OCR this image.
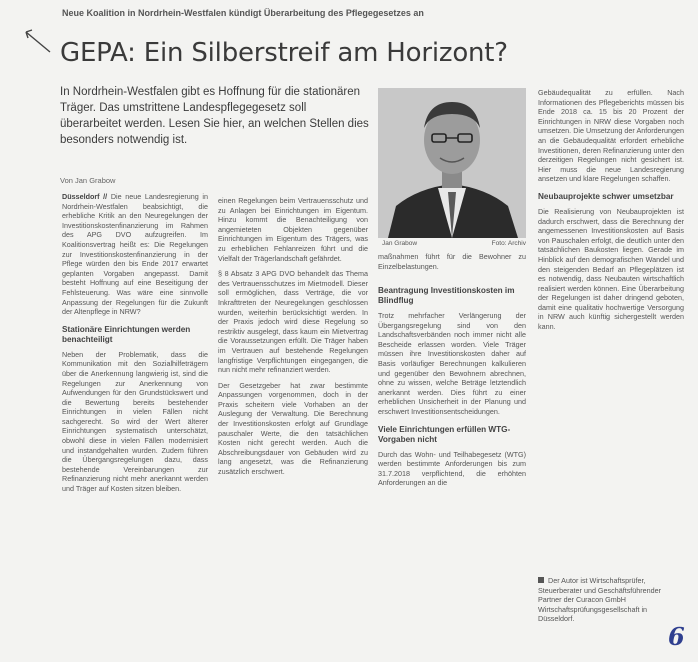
Neue Koalition in Nordrhein-Westfalen kündigt Überarbeitung des Pflegegesetzes an
GEPA: Ein Silberstreif am Horizont?
In Nordrhein-Westfalen gibt es Hoffnung für die stationären Träger. Das umstrittene Landespflegegesetz soll überarbeitet werden. Lesen Sie hier, an welchen Stellen dies besonders notwendig ist.
Von Jan Grabow

Düsseldorf // Die neue Landesregierung in Nordrhein-Westfalen beabsichtigt, die erhebliche Kritik an den Neuregelungen der Investitionskostenfinanzierung im Rahmen des APG DVO aufzugreifen. Im Koalitionsvertrag heißt es: Die Regelungen zur Investitionskostenfinanzierung in der Pflege würden den bis Ende 2017 erwartet geplanten Vorgaben angepasst. Damit besteht Hoffnung auf eine Beseitigung der Fehlsteuerung. Was wäre eine sinnvolle Anpassung der Regelungen für die Zukunft der Altenpflege in NRW?

Stationäre Einrichtungen werden benachteiligt

Neben der Problematik, dass die Kommunikation mit den Sozialhilfeträgern über die Anerkennung langwierig ist, sind die Regelungen zur Anerkennung von Aufwendungen für den Grundstückswert und die Bewertung bereits bestehender Einrichtungen in vielen Fällen nicht sachgerecht. So wird der Wert älterer Einrichtungen systematisch unterschätzt, obwohl diese in vielen Fällen modernisiert und instandgehalten wurden. Zudem führen die Übergangsregelungen dazu, dass bestehende Vereinbarungen zur Refinanzierung nicht mehr anerkannt werden und Träger auf Kosten sitzen bleiben.

einen Regelungen beim Vertrauensschutz und zu Anlagen bei Einrichtungen im Eigentum. Hinzu kommt die Benachteiligung von angemieteten Objekten gegenüber Einrichtungen im Eigentum des Trägers, was zu erheblichen Fehlanreizen führt und die Vielfalt der Trägerlandschaft gefährdet.

§ 8 Absatz 3 APG DVO behandelt das Thema des Vertrauensschutzes im Mietmodell. Dieser soll ermöglichen, dass Verträge, die vor Inkrafttreten der Neuregelungen geschlossen wurden, weiterhin berücksichtigt werden. In der Praxis jedoch wird diese Regelung so restriktiv ausgelegt, dass kaum ein Mietvertrag die Voraussetzungen erfüllt. Die Träger haben im Vertrauen auf bestehende Regelungen langfristige Verpflichtungen eingegangen, die nun nicht mehr refinanziert werden.

Der Gesetzgeber hat zwar bestimmte Anpassungen vorgenommen, doch in der Praxis scheitern viele Vorhaben an der Auslegung der Verwaltung. Die Berechnung der Investitionskosten erfolgt auf Grundlage pauschaler Werte, die den tatsächlichen Kosten nicht gerecht werden. Auch die Abschreibungsdauer von Gebäuden wird zu lang angesetzt, was die Refinanzierung zusätzlich erschwert.

Jan Grabow	Foto: Archiv

maßnahmen führt für die Bewohner zu Einzelbelastungen.

Beantragung Investitionskosten im Blindflug

Trotz mehrfacher Verlängerung der Übergangsregelung sind von den Landschaftsverbänden noch immer nicht alle Bescheide erlassen worden. Viele Träger müssen ihre Investitionskosten daher auf Basis vorläufiger Berechnungen kalkulieren und gegenüber den Bewohnern abrechnen, ohne zu wissen, welche Beträge letztendlich anerkannt werden. Dies führt zu einer erheblichen Unsicherheit in der Planung und erschwert Investitionsentscheidungen.

Viele Einrichtungen erfüllen WTG-Vorgaben nicht

Durch das Wohn- und Teilhabegesetz (WTG) werden bestimmte Anforderungen bis zum 31.7.2018 verpflichtend, die erhöhten Anforderungen an die

Gebäudequalität zu erfüllen. Nach Informationen des Pflegeberichts müssen bis Ende 2018 ca. 15 bis 20 Prozent der Einrichtungen in NRW diese Vorgaben noch umsetzen. Die Umsetzung der Anforderungen an die Gebäudequalität erfordert erhebliche Investitionen, deren Refinanzierung unter den derzeitigen Regelungen nicht gesichert ist. Hier muss die neue Landesregierung ansetzen und klare Regelungen schaffen.

Neubauprojekte schwer umsetzbar

Die Realisierung von Neubauprojekten ist dadurch erschwert, dass die Berechnung der angemessenen Investitionskosten auf Basis von Pauschalen erfolgt, die deutlich unter den tatsächlichen Baukosten liegen. Gerade im Hinblick auf den demografischen Wandel und den steigenden Bedarf an Pflegeplätzen ist es notwendig, dass Neubauten wirtschaftlich realisiert werden können. Eine Überarbeitung der Regelungen ist daher dringend geboten, damit eine qualitativ hochwertige Versorgung in NRW auch künftig sichergestellt werden kann.

Der Autor ist Wirtschaftsprüfer, Steuerberater und Geschäftsführender Partner der Curacon GmbH Wirtschaftsprüfungsgesellschaft in Düsseldorf.
6
